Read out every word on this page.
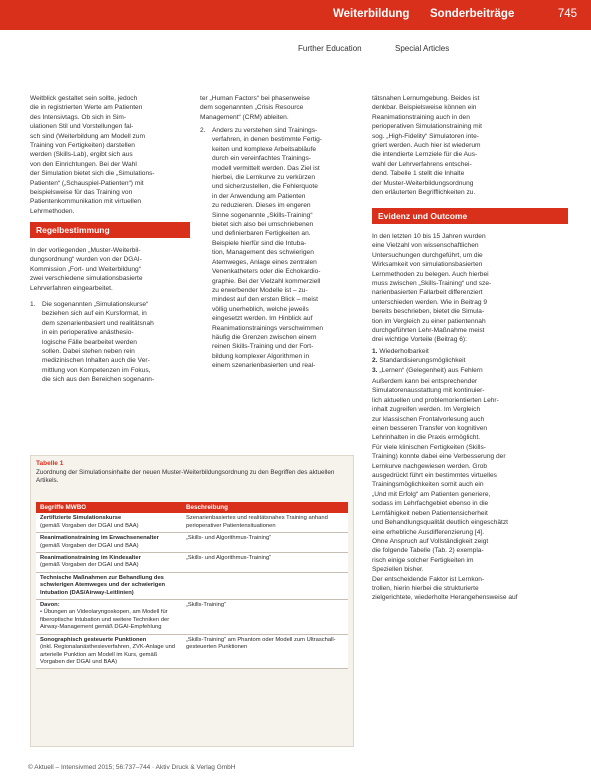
Weiterbildung Sonderbeiträge	745
Further Education	Special Articles
Weitblick gestaltet sein sollte, jedoch
die in registrierten Werte am Patienten
des Intensivtags. Ob sich in Sim-
ulationen Stil und Vorstellungen fal-
sch sind (Weiterbildung am Modell zum
Training von Fertigkeiten) darstellen
werden (Skills-Lab), ergibt sich aus
von den Einrichtungen. Bei der Wahl
der Simulation bietet sich die „Simulations-
Patienten“ („Schauspiel-Patienten“) mit
beispielsweise für das Training von
Patientenkommunikation mit virtuellen
Lehrmethoden.
Regelbestimmung
In der vorliegenden „Muster-Weiterbil-
dungsordnung“ wurden von der DGAI-
Kommission „Fort- und Weiterbildung“
zwei verschiedene simulationsbasierte
Lehrverfahren eingearbeitet.
1. Die sogenannten „Simulationskurse“
beziehen sich auf ein Kursformat, in
dem szenarienbasiert und realitätsnah
in ein perioperative anästhesio-
logische Fälle bearbeitet werden
sollen. Dabei stehen neben rein
medizinischen Inhalten auch die Ver-
mittlung von Kompetenzen im Fokus,
die sich aus den Bereichen sogenann-
ter „Human Factors“ bei phasenweise
dem sogenannten „Crisis Resource
Management“ (CRM) ableiten.
2. Anders zu verstehen sind Trainings-
verfahren, in denen bestimmte Fertig-
keiten und komplexe Arbeitsabläufe
durch ein vereinfachtes Trainings-
modell vermittelt werden. Das Ziel ist
hierbei, die Lernkurve zu verkürzen
und sicherzustellen, die Fehlerquote
in der Anwendung am Patienten
zu reduzieren. Dieses im engeren
Sinne sogenannte „Skills-Training“
bietet sich also bei umschriebenen
und definierbaren Fertigkeiten an.
Beispiele hierfür sind die Intuba-
tion, Management des schwierigen
Atemweges, Anlage eines zentralen
Venenkatheters oder die Echokardio-
graphie. Bei der Vielzahl kommerziell
zu erwerbender Modelle ist – zu-
mindest auf den ersten Blick – meist
völlig unerheblich, welche jeweils
eingesetzt werden. Im Hinblick auf
Reanimationstrainings verschwimmen
häufig die Grenzen zwischen einem
reinen Skills-Training und der Fort-
bildung komplexer Algorithmen in
einem szenarienbasierten und real-
tätsnahen Lernumgebung. Beides ist
denkbar. Beispielsweise können ein
Reanimationstraining auch in den
perioperativen Simulationstraining mit
sog. „High-Fidelity“ Simulatoren inte-
griert werden. Auch hier ist wiederum
die intendierte Lernziele für die Aus-
wahl der Lehrverfahrens entschei-
dend. Tabelle 1 stellt die Inhalte
der Muster-Weiterbildungsordnung
den erläuterten Begrifflichkeiten zu.
Evidenz und Outcome
In den letzten 10 bis 15 Jahren wurden
eine Vielzahl von wissenschaftlichen
Untersuchungen durchgeführt, um die
Wirksamkeit von simulationsbasierten
Lernmethoden zu belegen. Auch hierbei
muss zwischen „Skills-Training“ und sze-
narienbasierten Fallarbeit differenziert
unterschieden werden. Wie in Beitrag 9
bereits beschrieben, bietet die Simula-
tion im Vergleich zu einer patientennah
durchgeführten Lehr-Maßnahme meist
drei wichtige Vorteile (Beitrag 6):
1. Wiederholbarkeit
2. Standardisierungsmöglichkeit
3. „Lernen“ (Gelegenheit) aus Fehlern
Außerdem kann bei entsprechender
Simulatorenausstattung mit kontinuier-
lich aktuellen und problemorientierten Lehr-
inhalt zugreifen werden. Im Vergleich
zur klassischen Frontalvorlesung auch
einen besseren Transfer von kognitiven
Lehrinhalten in die Praxis ermöglicht.
Für viele klinischen Fertigkeiten (Skills-
Training) konnte dabei eine Verbesserung der
Lernkurve nachgewiesen werden. Grob
ausgedrückt führt ein bestimmtes virtuelles
Trainingsmöglichkeiten somit auch ein
„Und mit Erfolg“ am Patienten generiere,
sodass im Lehrfachgebiet ebenso in die
Lernfähigkeit neben Patientensicherheit
und Behandlungsqualität deutlich eingeschätzt
eine erhebliche Ausdifferenzierung [4].
Ohne Anspruch auf Vollständigkeit zeigt
die folgende Tabelle (Tab. 2) exempla-
risch einige solcher Fertigkeiten im
Speziellen bisher.
Der entscheidende Faktor ist Lernkon-
trollen, hierin hierbei die strukturierte
zielgerichtete, wiederholte Herangehensweise auf
Tabelle 1
Zuordnung der Simulationsinhalte der neuen Muster-Weiterbildungsordnung zu den Begriffen des aktuellen Artikels.
Begriffe MWBO	Beschreibung

Zertifizierte Simulationskurse
(gemäß Vorgaben der DGAI und BAA)	Szenarienbasiertes und realitätsnahes Training anhand perioperativer Patientensituationen

Reanimationstraining im Erwachsenenalter
(gemäß Vorgaben der DGAI und BAA)	„Skills- und Algorithmus-Training“

Reanimationstraining im Kindesalter
(gemäß Vorgaben der DGAI und BAA)	„Skills- und Algorithmus-Training“

Technische Maßnahmen zur Behandlung des schwierigen Atemweges und der schwierigen Intubation (DAS/Airway-Leitlinien)	

Davon:
• Übungen an Videolaryngoskopen, am Modell für fiberoptische Intubation und weitere Techniken der Airway-Management gemäß DGAI-Empfehlung	„Skills-Training“

Sonographisch gesteuerte Punktionen
(inkl. Regionalanästhesieverfahren, ZVK-Anlage und arterielle Punktion am Modell im Kurs, gemäß Vorgaben der DGAI und BAA)	„Skills-Training“ am Phantom oder Modell zum Ultraschall-gesteuerten Punktionen
© Aktuell – Intensivmed 2015; 56:737–744 · Aktiv Druck & Verlag GmbH
